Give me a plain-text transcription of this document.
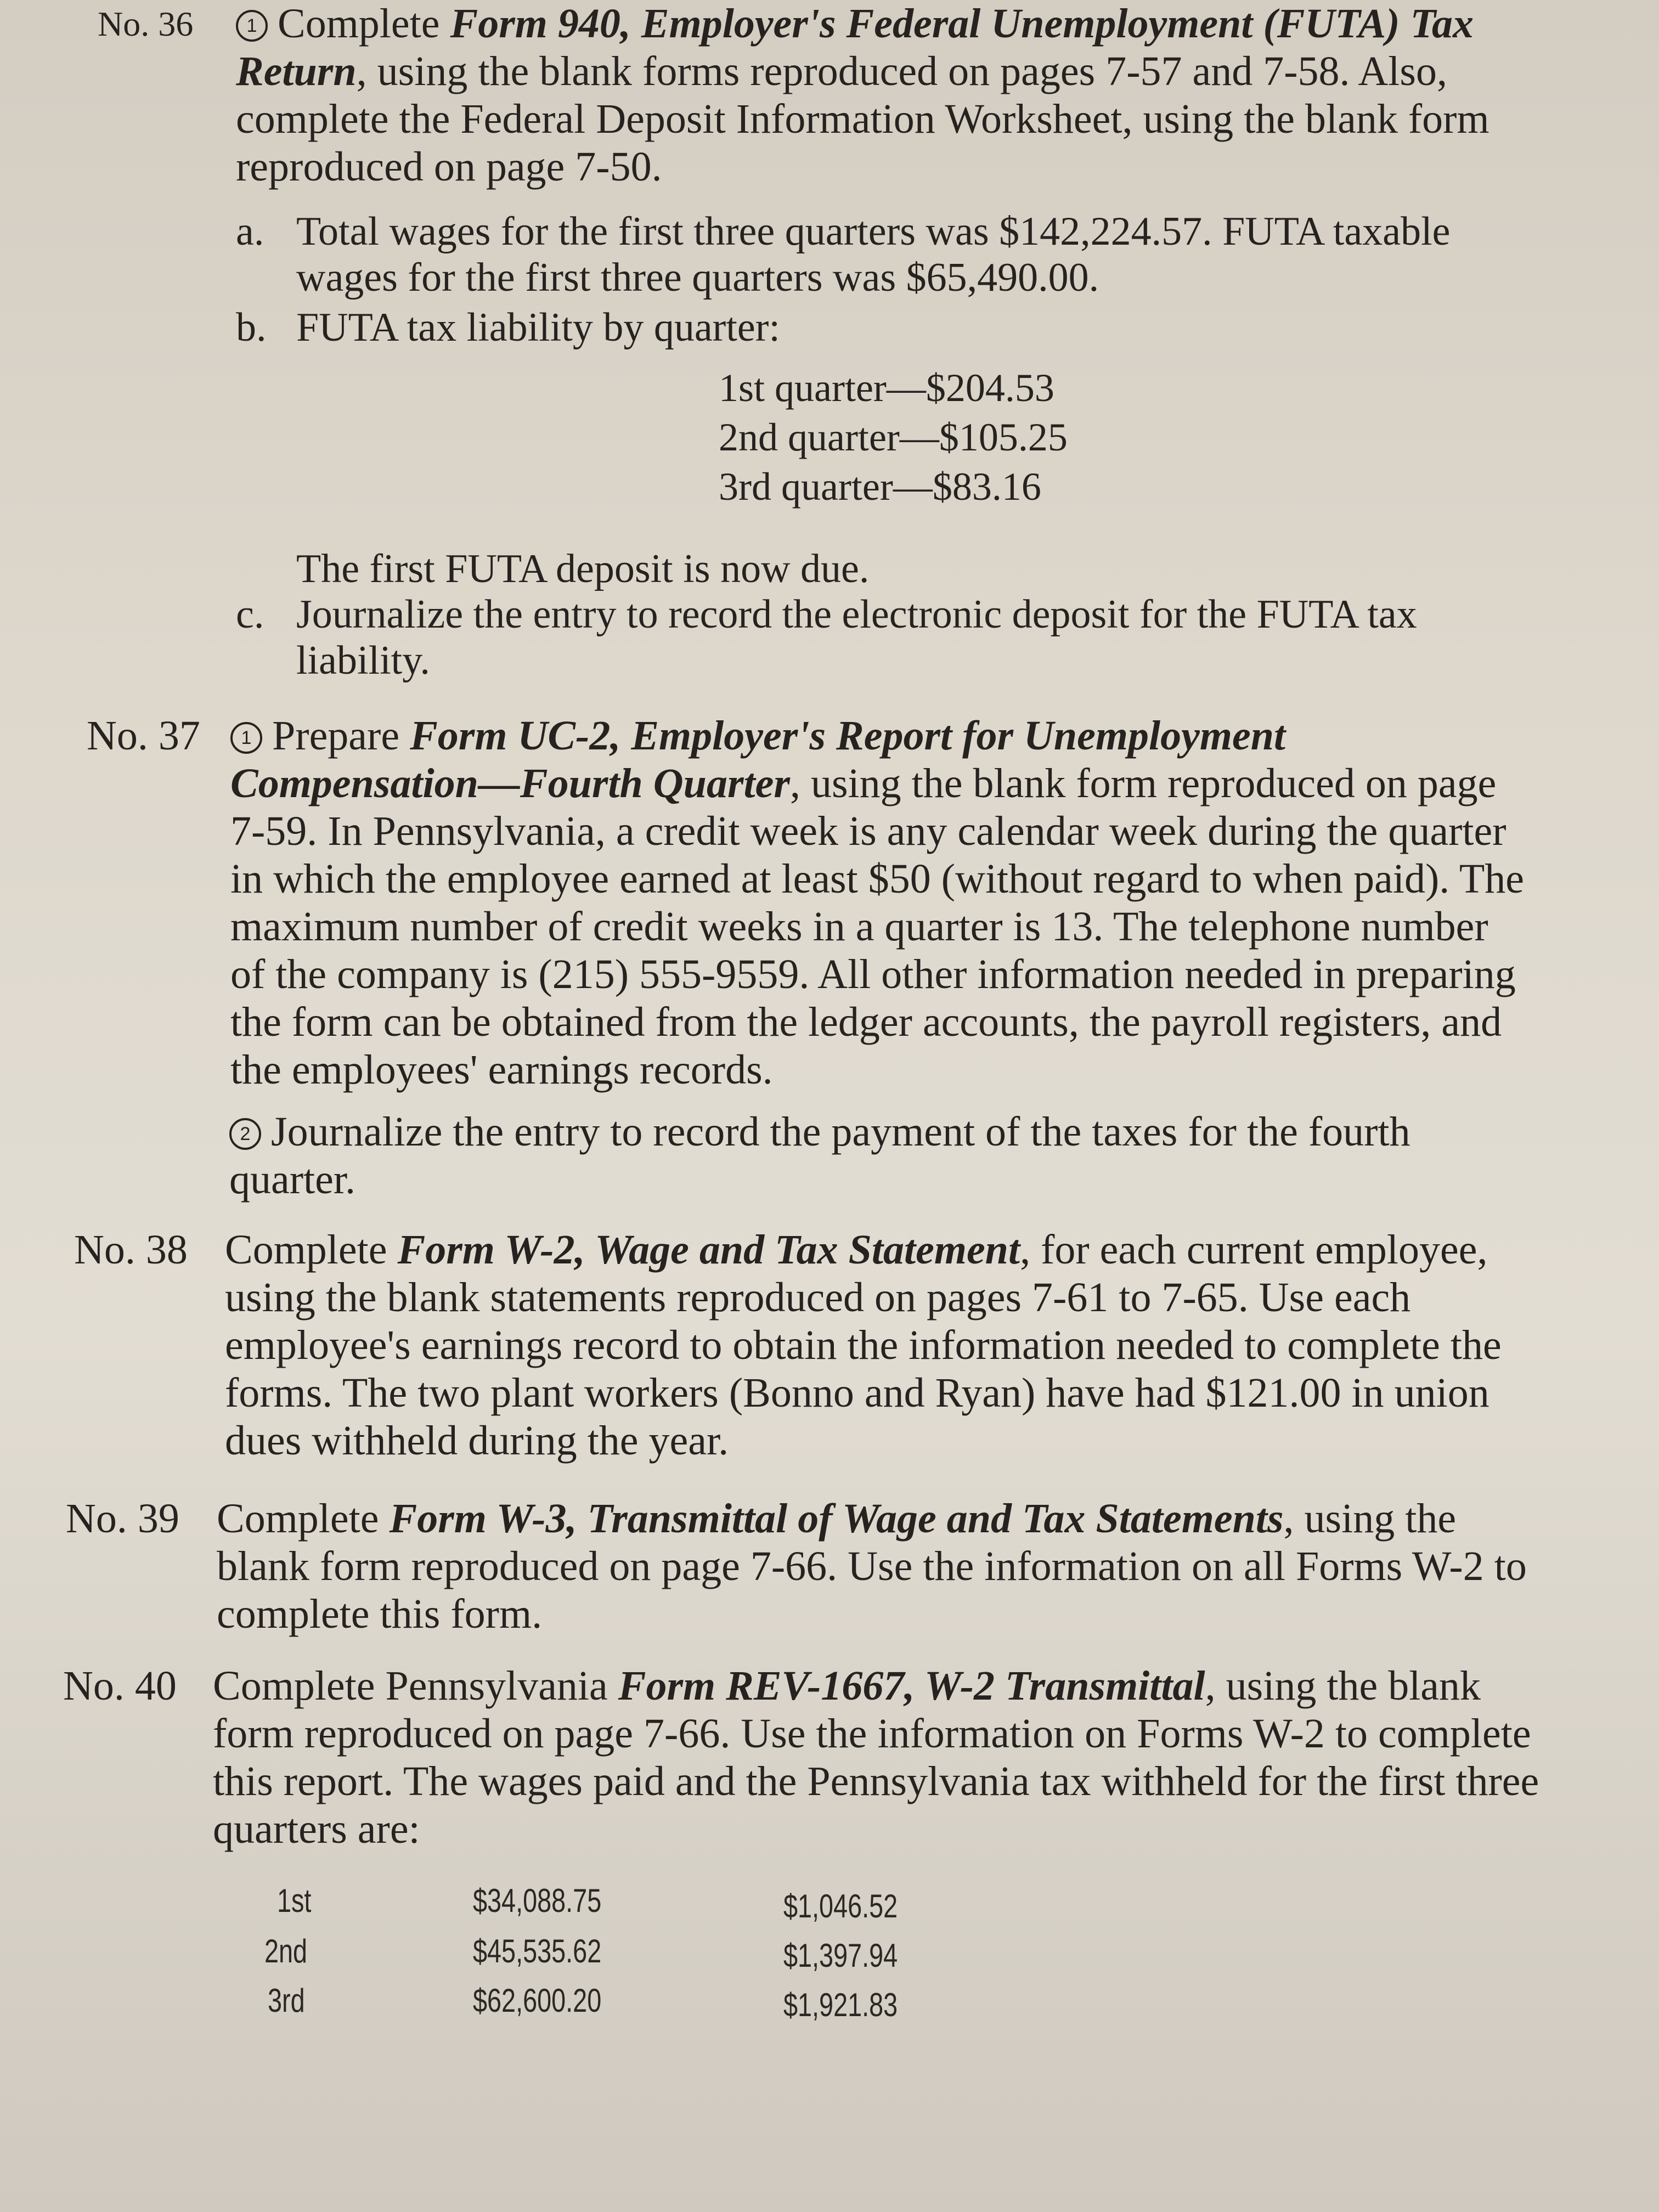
No. 36	1 Complete Form 940, Employer's Federal Unemployment (FUTA) Tax Return, using the blank forms reproduced on pages 7-57 and 7-58. Also, complete the Federal Deposit Information Worksheet, using the blank form reproduced on page 7-50.
a. Total wages for the first three quarters was $142,224.57. FUTA taxable wages for the first three quarters was $65,490.00.
b. FUTA tax liability by quarter:
1st quarter—$204.53
2nd quarter—$105.25
3rd quarter—$83.16
The first FUTA deposit is now due.
c. Journalize the entry to record the electronic deposit for the FUTA tax liability.
No. 37	1 Prepare Form UC-2, Employer's Report for Unemployment Compensation—Fourth Quarter, using the blank form reproduced on page 7-59. In Pennsylvania, a credit week is any calendar week during the quarter in which the employee earned at least $50 (without regard to when paid). The maximum number of credit weeks in a quarter is 13. The telephone number of the company is (215) 555-9559. All other information needed in preparing the form can be obtained from the ledger accounts, the payroll registers, and the employees' earnings records.
2 Journalize the entry to record the payment of the taxes for the fourth quarter.
No. 38 Complete Form W-2, Wage and Tax Statement, for each current employee, using the blank statements reproduced on pages 7-61 to 7-65. Use each employee's earnings record to obtain the information needed to complete the forms. The two plant workers (Bonno and Ryan) have had $121.00 in union dues withheld during the year.
No. 39 Complete Form W-3, Transmittal of Wage and Tax Statements, using the blank form reproduced on page 7-66. Use the information on all Forms W-2 to complete this form.
No. 40 Complete Pennsylvania Form REV-1667, W-2 Transmittal, using the blank form reproduced on page 7-66. Use the information on Forms W-2 to complete this report. The wages paid and the Pennsylvania tax withheld for the first three quarters are:
1st	$34,088.75	$1,046.52
2nd	$45,535.62	$1,397.94
3rd	$62,600.20	$1,921.83
